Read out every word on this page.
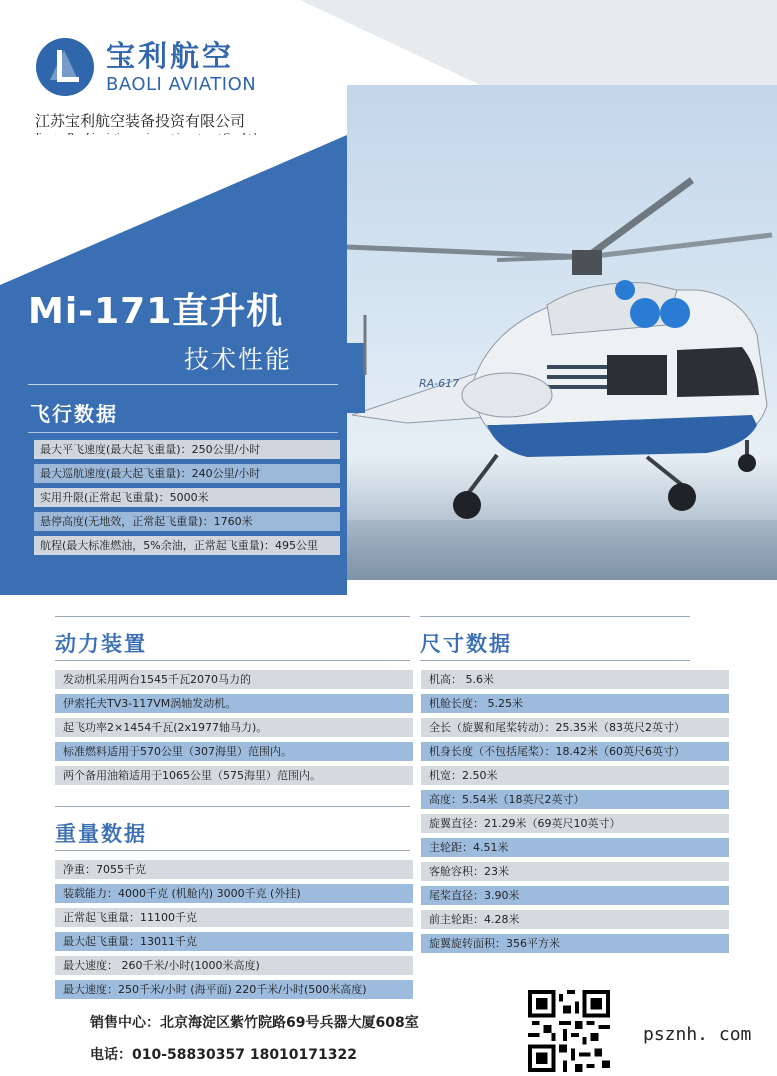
宝利航空
BAOLI AVIATION
江苏宝利航空装备投资有限公司
RA-617
Mi-171直升机
技术性能
飞行数据
最大平飞速度(最大起飞重量)：250公里/小时
最大巡航速度(最大起飞重量)：240公里/小时
实用升限(正常起飞重量)：5000米
悬停高度(无地效，正常起飞重量)：1760米
航程(最大标准燃油，5%余油，正常起飞重量)：495公里
动力装置
发动机采用两台1545千瓦2070马力的
伊索托夫TV3-117VM涡轴发动机。
起飞功率2×1454千瓦(2x1977轴马力)。
标准燃料适用于570公里（307海里）范围内。
两个备用油箱适用于1065公里（575海里）范围内。
重量数据
净重：7055千克
装载能力：4000千克 (机舱内) 3000千克 (外挂)
正常起飞重量：11100千克
最大起飞重量：13011千克
最大速度： 260千米/小时(1000米高度)
最大速度：250千米/小时 (海平面) 220千米/小时(500米高度)
尺寸数据
机高： 5.6米
机舱长度： 5.25米
全长（旋翼和尾桨转动）：25.35米（83英尺2英寸）
机身长度（不包括尾桨）：18.42米（60英尺6英寸）
机宽：2.50米
高度：5.54米（18英尺2英寸）
旋翼直径：21.29米（69英尺10英寸）
主轮距：4.51米
客舱容积：23米
尾桨直径：3.90米
前主轮距：4.28米
旋翼旋转面积：356平方米
销售中心：北京海淀区紫竹院路69号兵器大厦608室
电话：010-58830357 18010171322
psznh. com
